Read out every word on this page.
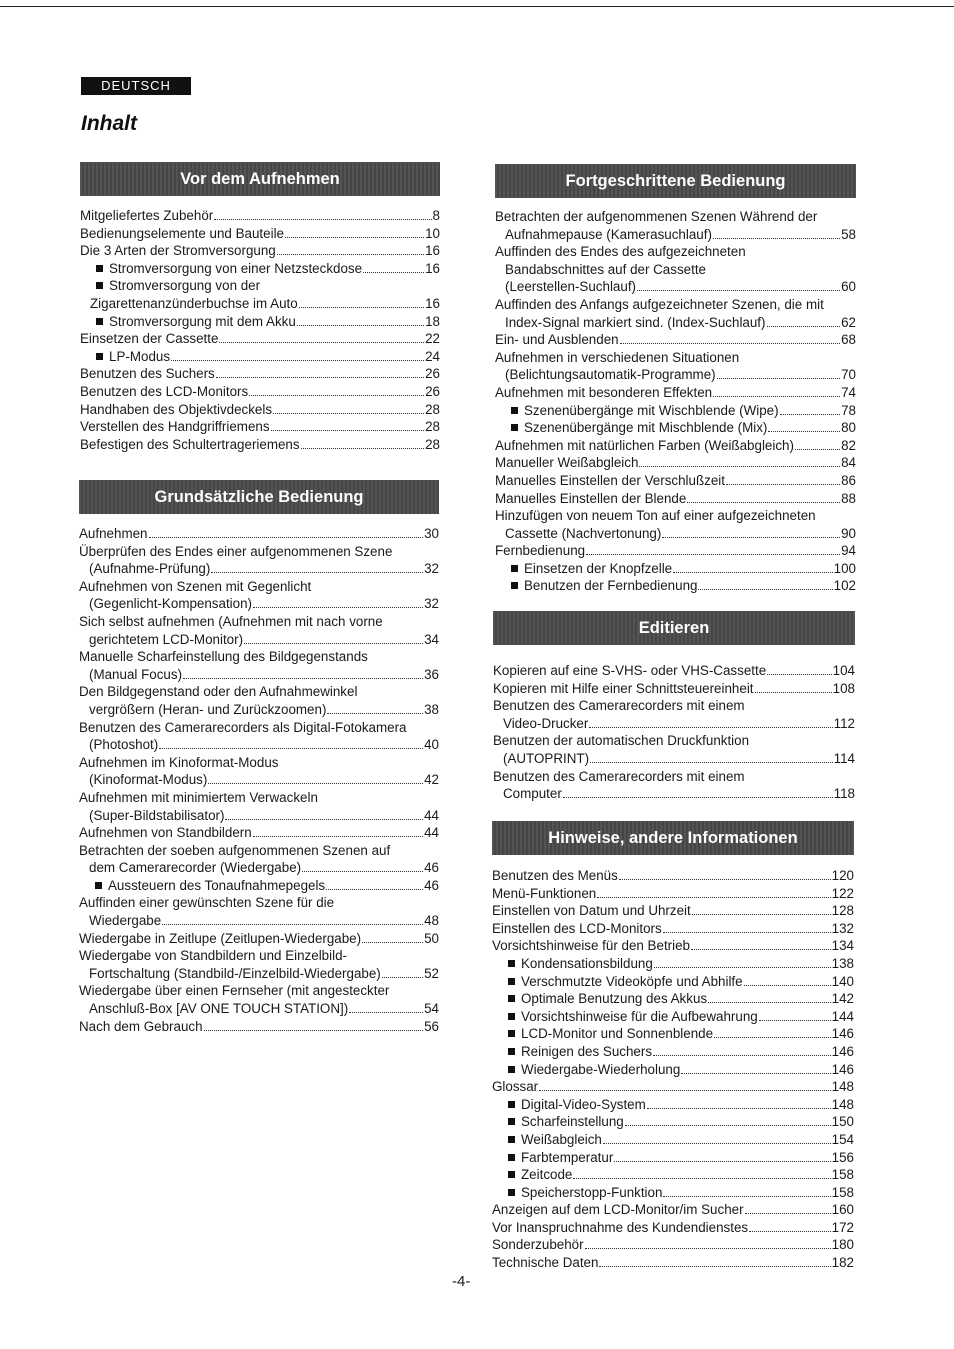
DEUTSCH
Inhalt
Vor dem Aufnehmen
Mitgeliefertes Zubehör	8
Bedienungselemente und Bauteile	10
Die 3 Arten der Stromversorgung	16
Stromversorgung von einer Netzsteckdose	16
Stromversorgung von der
Zigarettenanzünderbuchse im Auto	16
Stromversorgung mit dem Akku	18
Einsetzen der Cassette	22
LP-Modus	24
Benutzen des Suchers	26
Benutzen des LCD-Monitors	26
Handhaben des Objektivdeckels	28
Verstellen des Handgriffriemens	28
Befestigen des Schultertrageriemens	28
Grundsätzliche Bedienung
Aufnehmen	30
Überprüfen des Endes einer aufgenommenen Szene
(Aufnahme-Prüfung)	32
Aufnehmen von Szenen mit Gegenlicht
(Gegenlicht-Kompensation)	32
Sich selbst aufnehmen (Aufnehmen mit nach vorne
gerichtetem LCD-Monitor)	34
Manuelle Scharfeinstellung des Bildgegenstands
(Manual Focus)	36
Den Bildgegenstand oder den Aufnahmewinkel
vergrößern (Heran- und Zurückzoomen)	38
Benutzen des Camerarecorders als Digital-Fotokamera
(Photoshot)	40
Aufnehmen im Kinoformat-Modus
(Kinoformat-Modus)	42
Aufnehmen mit minimiertem Verwackeln
(Super-Bildstabilisator)	44
Aufnehmen von Standbildern	44
Betrachten der soeben aufgenommenen Szenen auf
dem Camerarecorder (Wiedergabe)	46
Aussteuern des Tonaufnahmepegels	46
Auffinden einer gewünschten Szene für die
Wiedergabe	48
Wiedergabe in Zeitlupe (Zeitlupen-Wiedergabe)	50
Wiedergabe von Standbildern und Einzelbild-
Fortschaltung (Standbild-/Einzelbild-Wiedergabe)	52
Wiedergabe über einen Fernseher (mit angesteckter
Anschluß-Box [AV ONE TOUCH STATION])	54
Nach dem Gebrauch	56
Fortgeschrittene Bedienung
Betrachten der aufgenommenen Szenen Während der
Aufnahmepause (Kamerasuchlauf)	58
Auffinden des Endes des aufgezeichneten
Bandabschnittes auf der Cassette
(Leerstellen-Suchlauf)	60
Auffinden des Anfangs aufgezeichneter Szenen, die mit
Index-Signal markiert sind. (Index-Suchlauf)	62
Ein- und Ausblenden	68
Aufnehmen in verschiedenen Situationen
(Belichtungsautomatik-Programme)	70
Aufnehmen mit besonderen Effekten	74
Szenenübergänge mit Wischblende (Wipe)	78
Szenenübergänge mit Mischblende (Mix)	80
Aufnehmen mit natürlichen Farben (Weißabgleich)	82
Manueller Weißabgleich	84
Manuelles Einstellen der Verschlußzeit	86
Manuelles Einstellen der Blende	88
Hinzufügen von neuem Ton auf einer aufgezeichneten
Cassette (Nachvertonung)	90
Fernbedienung	94
Einsetzen der Knopfzelle	100
Benutzen der Fernbedienung	102
Editieren
Kopieren auf eine S-VHS- oder VHS-Cassette	104
Kopieren mit Hilfe einer Schnittsteuereinheit	108
Benutzen des Camerarecorders mit einem
Video-Drucker	112
Benutzen der automatischen Druckfunktion
(AUTOPRINT)	114
Benutzen des Camerarecorders mit einem
Computer	118
Hinweise, andere Informationen
Benutzen des Menüs	120
Menü-Funktionen	122
Einstellen von Datum und Uhrzeit	128
Einstellen des LCD-Monitors	132
Vorsichtshinweise für den Betrieb	134
Kondensationsbildung	138
Verschmutzte Videoköpfe und Abhilfe	140
Optimale Benutzung des Akkus	142
Vorsichtshinweise für die Aufbewahrung	144
LCD-Monitor und Sonnenblende	146
Reinigen des Suchers	146
Wiedergabe-Wiederholung	146
Glossar	148
Digital-Video-System	148
Scharfeinstellung	150
Weißabgleich	154
Farbtemperatur	156
Zeitcode	158
Speicherstopp-Funktion	158
Anzeigen auf dem LCD-Monitor/im Sucher	160
Vor Inanspruchnahme des Kundendienstes	172
Sonderzubehör	180
Technische Daten	182
-4-
